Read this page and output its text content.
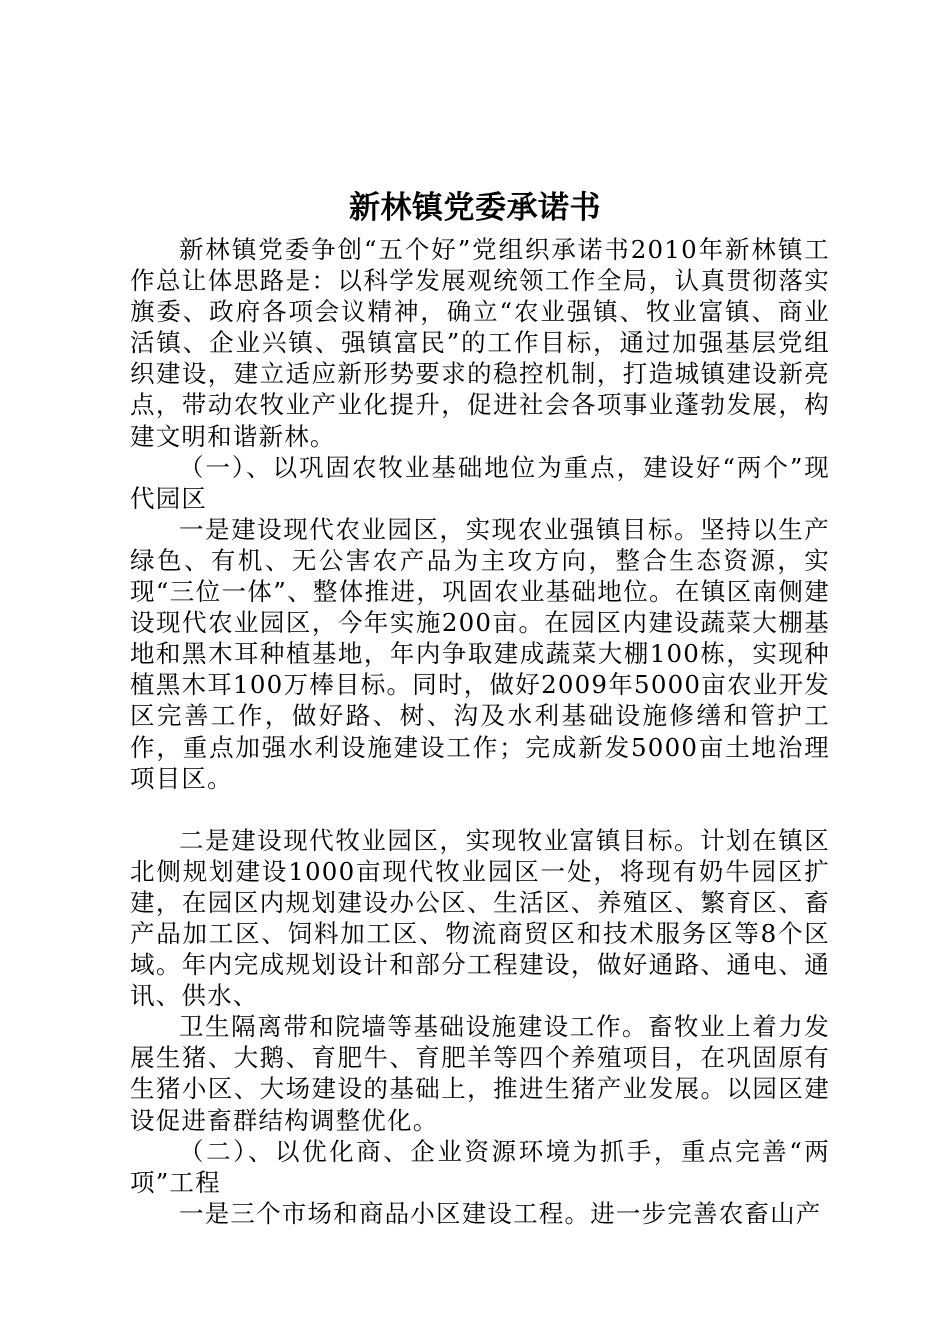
新林镇党委承诺书

新林镇党委争创“五个好”党组织承诺书2010年新林镇工作总让体思路是：以科学发展观统领工作全局，认真贯彻落实旗委、政府各项会议精神，确立“农业强镇、牧业富镇、商业活镇、企业兴镇、强镇富民”的工作目标，通过加强基层党组织建设，建立适应新形势要求的稳控机制，打造城镇建设新亮点，带动农牧业产业化提升，促进社会各项事业蓬勃发展，构建文明和谐新林。

（一）、以巩固农牧业基础地位为重点，建设好“两个”现代园区

一是建设现代农业园区，实现农业强镇目标。坚持以生产绿色、有机、无公害农产品为主攻方向，整合生态资源，实现“三位一体”、整体推进，巩固农业基础地位。在镇区南侧建设现代农业园区，今年实施200亩。在园区内建设蔬菜大棚基地和黑木耳种植基地，年内争取建成蔬菜大棚100栋，实现种植黑木耳100万棒目标。同时，做好2009年5000亩农业开发区完善工作，做好路、树、沟及水利基础设施修缮和管护工作，重点加强水利设施建设工作；完成新发5000亩土地治理项目区。

二是建设现代牧业园区，实现牧业富镇目标。计划在镇区北侧规划建设1000亩现代牧业园区一处，将现有奶牛园区扩建，在园区内规划建设办公区、生活区、养殖区、繁育区、畜产品加工区、饲料加工区、物流商贸区和技术服务区等8个区域。年内完成规划设计和部分工程建设，做好通路、通电、通讯、供水、

卫生隔离带和院墙等基础设施建设工作。畜牧业上着力发展生猪、大鹅、育肥牛、育肥羊等四个养殖项目，在巩固原有生猪小区、大场建设的基础上，推进生猪产业发展。以园区建设促进畜群结构调整优化。

（二）、以优化商、企业资源环境为抓手，重点完善“两项”工程

一是三个市场和商品小区建设工程。进一步完善农畜山产
